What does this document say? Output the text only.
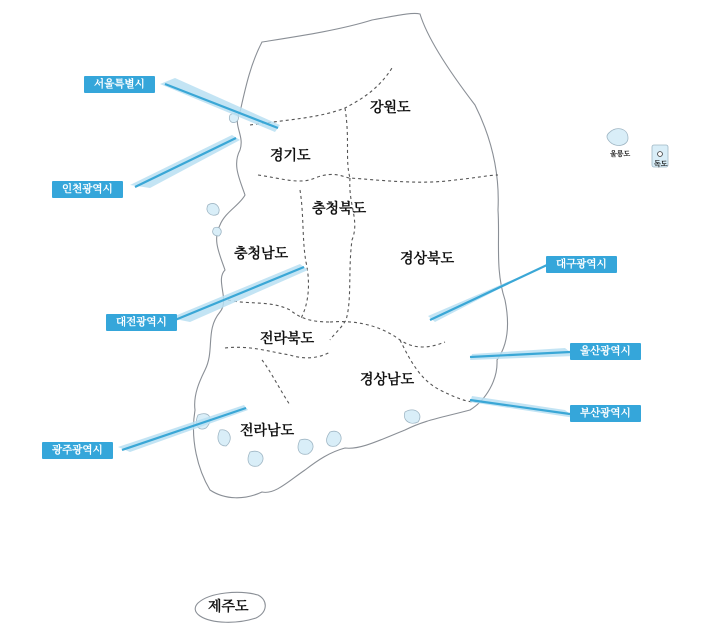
울릉도
독도
강원도
경기도
충청북도
충청남도	경상북도
전라북도
경상남도
전라남도
제주도
서울특별시
인천광역시
대전광역시
대구광역시
울산광역시
부산광역시
광주광역시
